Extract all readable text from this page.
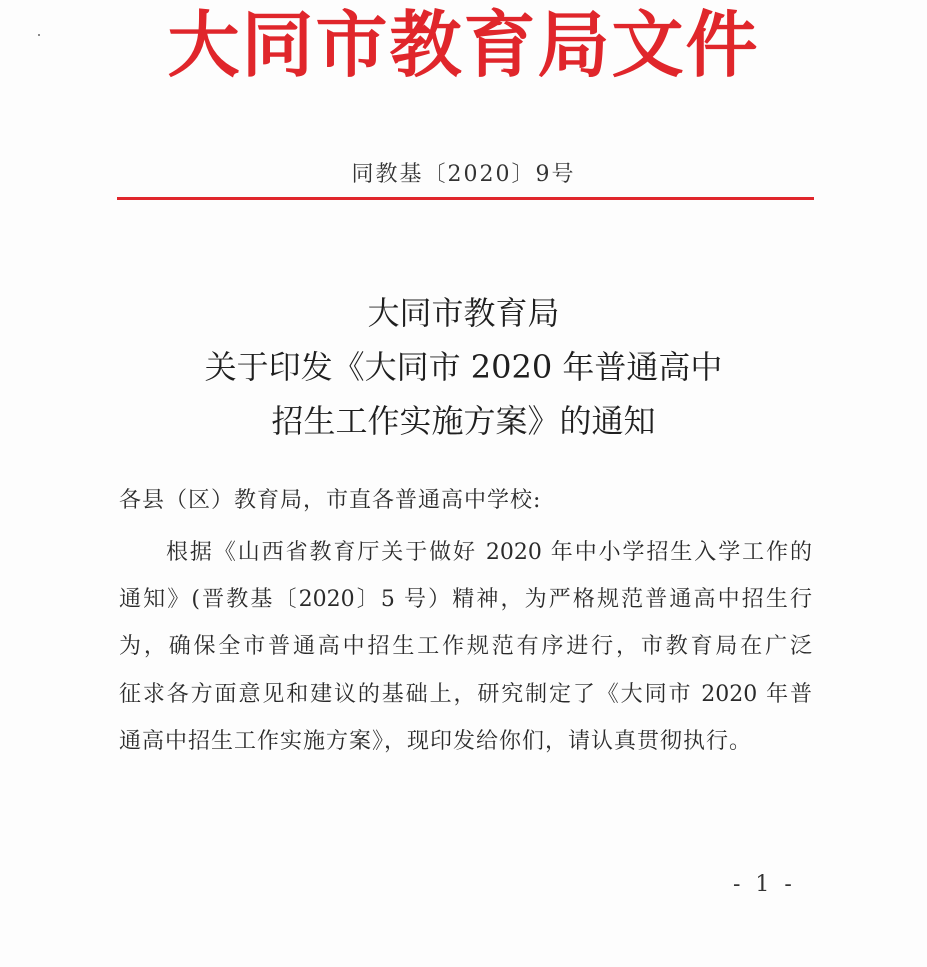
大同市教育局文件
同教基〔2020〕9号
大同市教育局
关于印发《大同市 2020 年普通高中
招生工作实施方案》的通知
各县（区）教育局，市直各普通高中学校:
根据《山西省教育厅关于做好 2020 年中小学招生入学工作的
通知》(晋教基〔2020〕5 号）精神，为严格规范普通高中招生行
为，确保全市普通高中招生工作规范有序进行，市教育局在广泛
征求各方面意见和建议的基础上，研究制定了《大同市 2020 年普
通高中招生工作实施方案》，现印发给你们，请认真贯彻执行。
- 1 -
